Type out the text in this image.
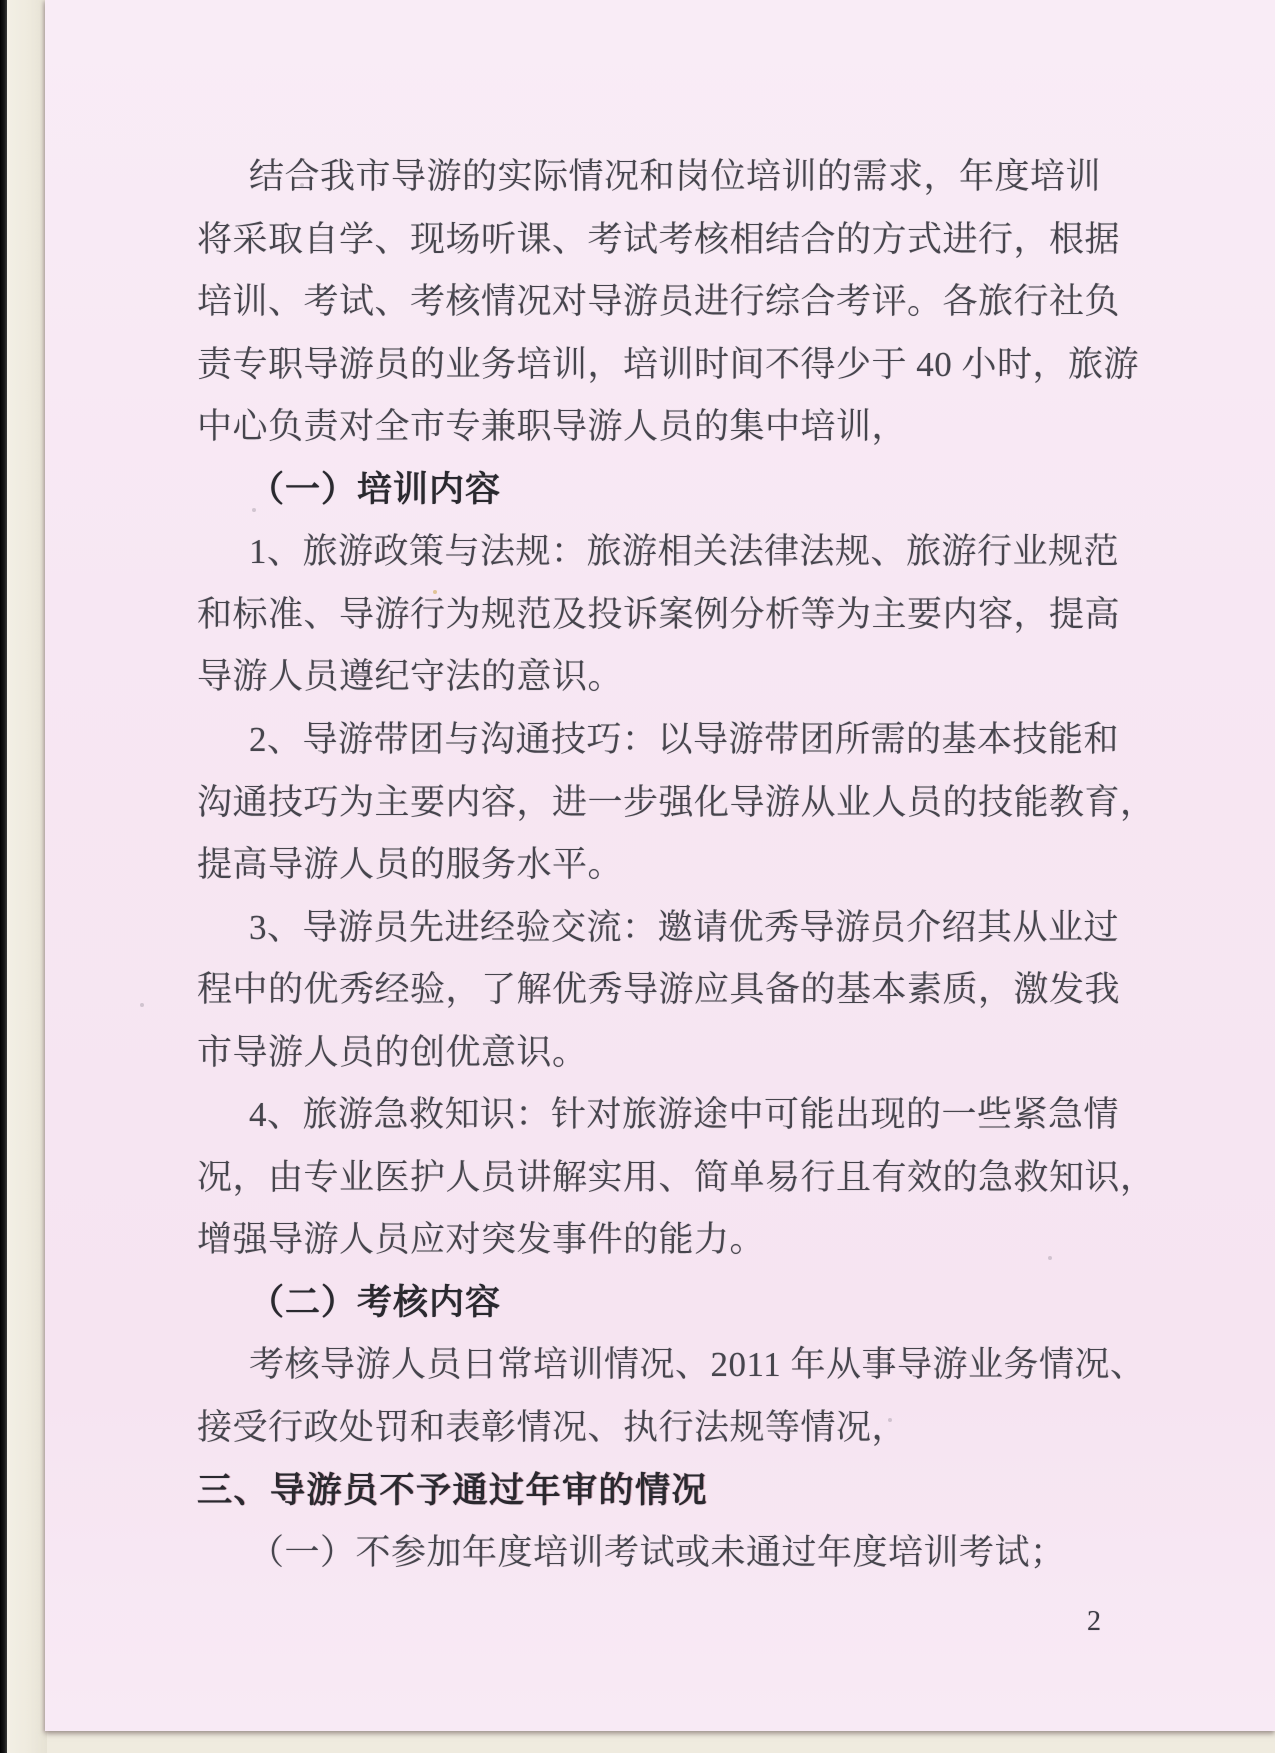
结合我市导游的实际情况和岗位培训的需求，年度培训
将采取自学、现场听课、考试考核相结合的方式进行，根据
培训、考试、考核情况对导游员进行综合考评。各旅行社负
责专职导游员的业务培训，培训时间不得少于 40 小时，旅游
中心负责对全市专兼职导游人员的集中培训，
（一）培训内容
1、旅游政策与法规：旅游相关法律法规、旅游行业规范
和标准、导游行为规范及投诉案例分析等为主要内容，提高
导游人员遵纪守法的意识。
2、导游带团与沟通技巧：以导游带团所需的基本技能和
沟通技巧为主要内容，进一步强化导游从业人员的技能教育，
提高导游人员的服务水平。
3、导游员先进经验交流：邀请优秀导游员介绍其从业过
程中的优秀经验，了解优秀导游应具备的基本素质，激发我
市导游人员的创优意识。
4、旅游急救知识：针对旅游途中可能出现的一些紧急情
况，由专业医护人员讲解实用、简单易行且有效的急救知识，
增强导游人员应对突发事件的能力。
（二）考核内容
考核导游人员日常培训情况、2011 年从事导游业务情况、
接受行政处罚和表彰情况、执行法规等情况，
三、导游员不予通过年审的情况
（一）不参加年度培训考试或未通过年度培训考试；
2
